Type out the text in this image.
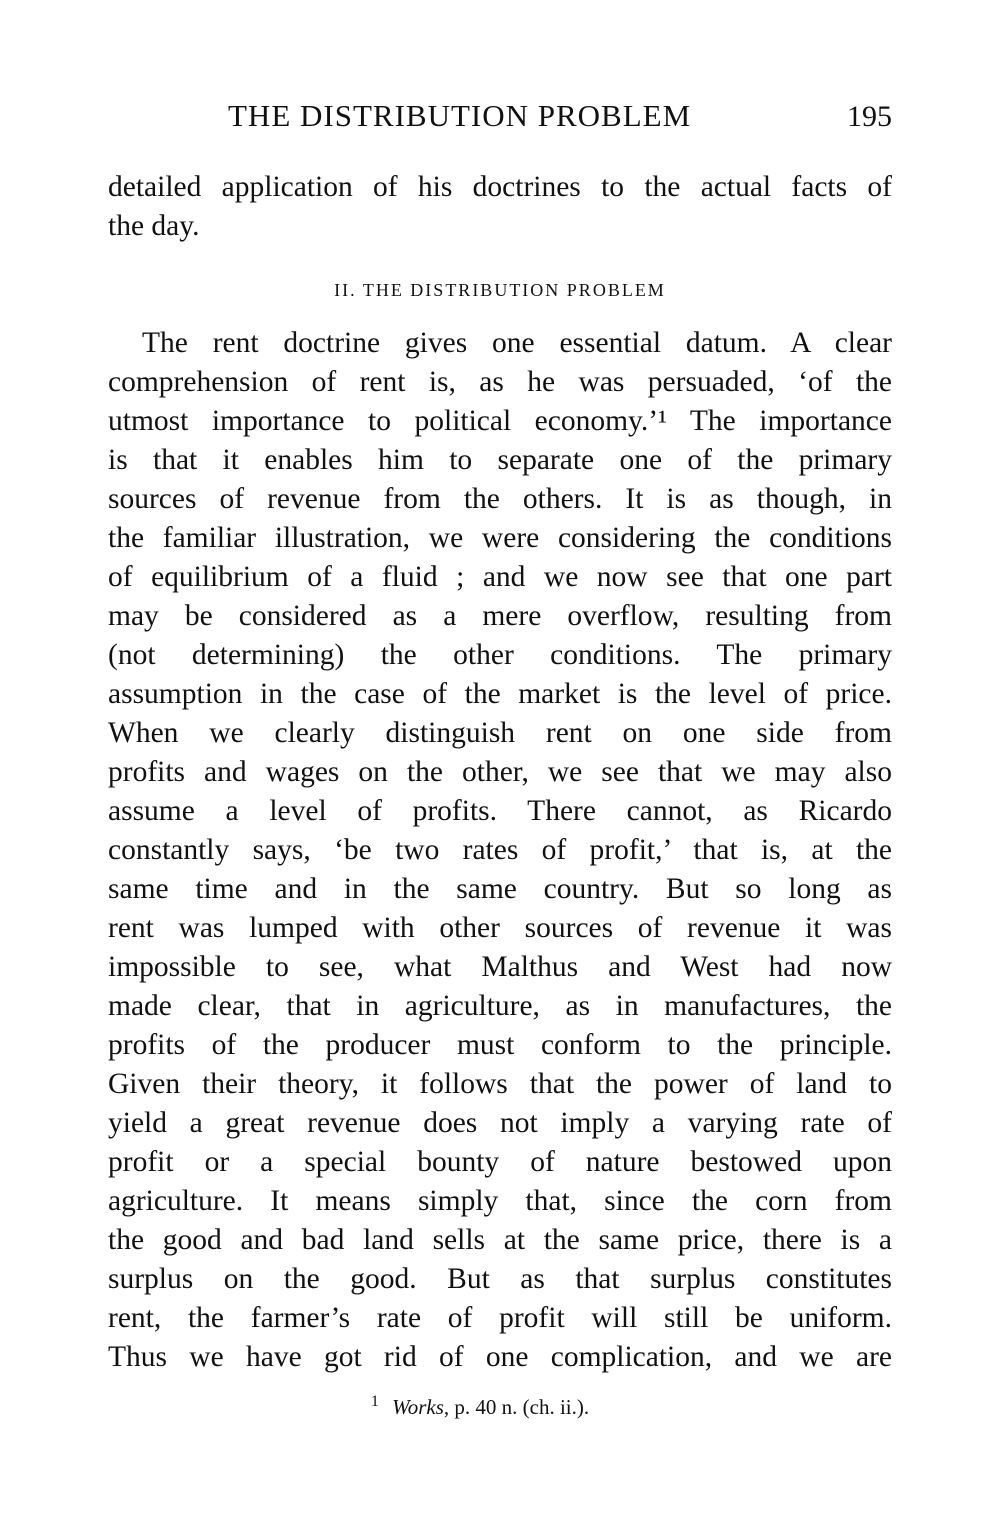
THE DISTRIBUTION PROBLEM	195
detailed application of his doctrines to the actual facts of
the day.
II. THE DISTRIBUTION PROBLEM
The rent doctrine gives one essential datum. A clear
comprehension of rent is, as he was persuaded, ‘of the
utmost importance to political economy.’¹ The importance
is that it enables him to separate one of the primary
sources of revenue from the others. It is as though, in
the familiar illustration, we were considering the conditions
of equilibrium of a fluid ; and we now see that one part
may be considered as a mere overflow, resulting from
(not determining) the other conditions. The primary
assumption in the case of the market is the level of price.
When we clearly distinguish rent on one side from
profits and wages on the other, we see that we may also
assume a level of profits. There cannot, as Ricardo
constantly says, ‘be two rates of profit,’ that is, at the
same time and in the same country. But so long as
rent was lumped with other sources of revenue it was
impossible to see, what Malthus and West had now
made clear, that in agriculture, as in manufactures, the
profits of the producer must conform to the principle.
Given their theory, it follows that the power of land to
yield a great revenue does not imply a varying rate of
profit or a special bounty of nature bestowed upon
agriculture. It means simply that, since the corn from
the good and bad land sells at the same price, there is a
surplus on the good. But as that surplus constitutes
rent, the farmer’s rate of profit will still be uniform.
Thus we have got rid of one complication, and we are
$^1$ Works, p. 40 n. (ch. ii.).
